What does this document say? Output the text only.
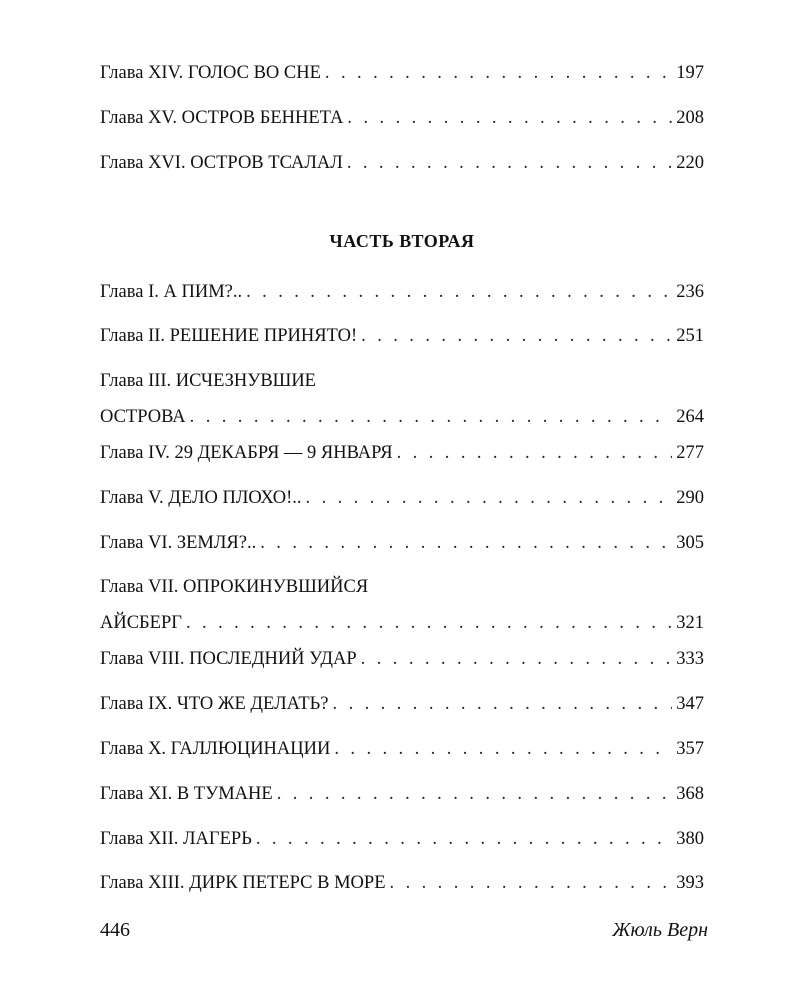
Глава XIV. ГОЛОС ВО СНЕ . . .	197
Глава XV. ОСТРОВ БЕННЕТА . . .	208
Глава XVI. ОСТРОВ ТСАЛАЛ . . .	220
ЧАСТЬ ВТОРАЯ
Глава I. А ПИМ?.. . . .	236
Глава II. РЕШЕНИЕ ПРИНЯТО! . . .	251
Глава III. ИСЧЕЗНУВШИЕ
ОСТРОВА . . .	264
Глава IV. 29 ДЕКАБРЯ — 9 ЯНВАРЯ . . .	277
Глава V. ДЕЛО ПЛОХО!.. . . .	290
Глава VI. ЗЕМЛЯ?.. . . .	305
Глава VII. ОПРОКИНУВШИЙСЯ
АЙСБЕРГ . . .	321
Глава VIII. ПОСЛЕДНИЙ УДАР . . .	333
Глава IX. ЧТО ЖЕ ДЕЛАТЬ? . . .	347
Глава X. ГАЛЛЮЦИНАЦИИ . . .	357
Глава XI. В ТУМАНЕ . . .	368
Глава XII. ЛАГЕРЬ . . .	380
Глава XIII. ДИРК ПЕТЕРС В МОРЕ . . .	393
446	Жюль Верн
